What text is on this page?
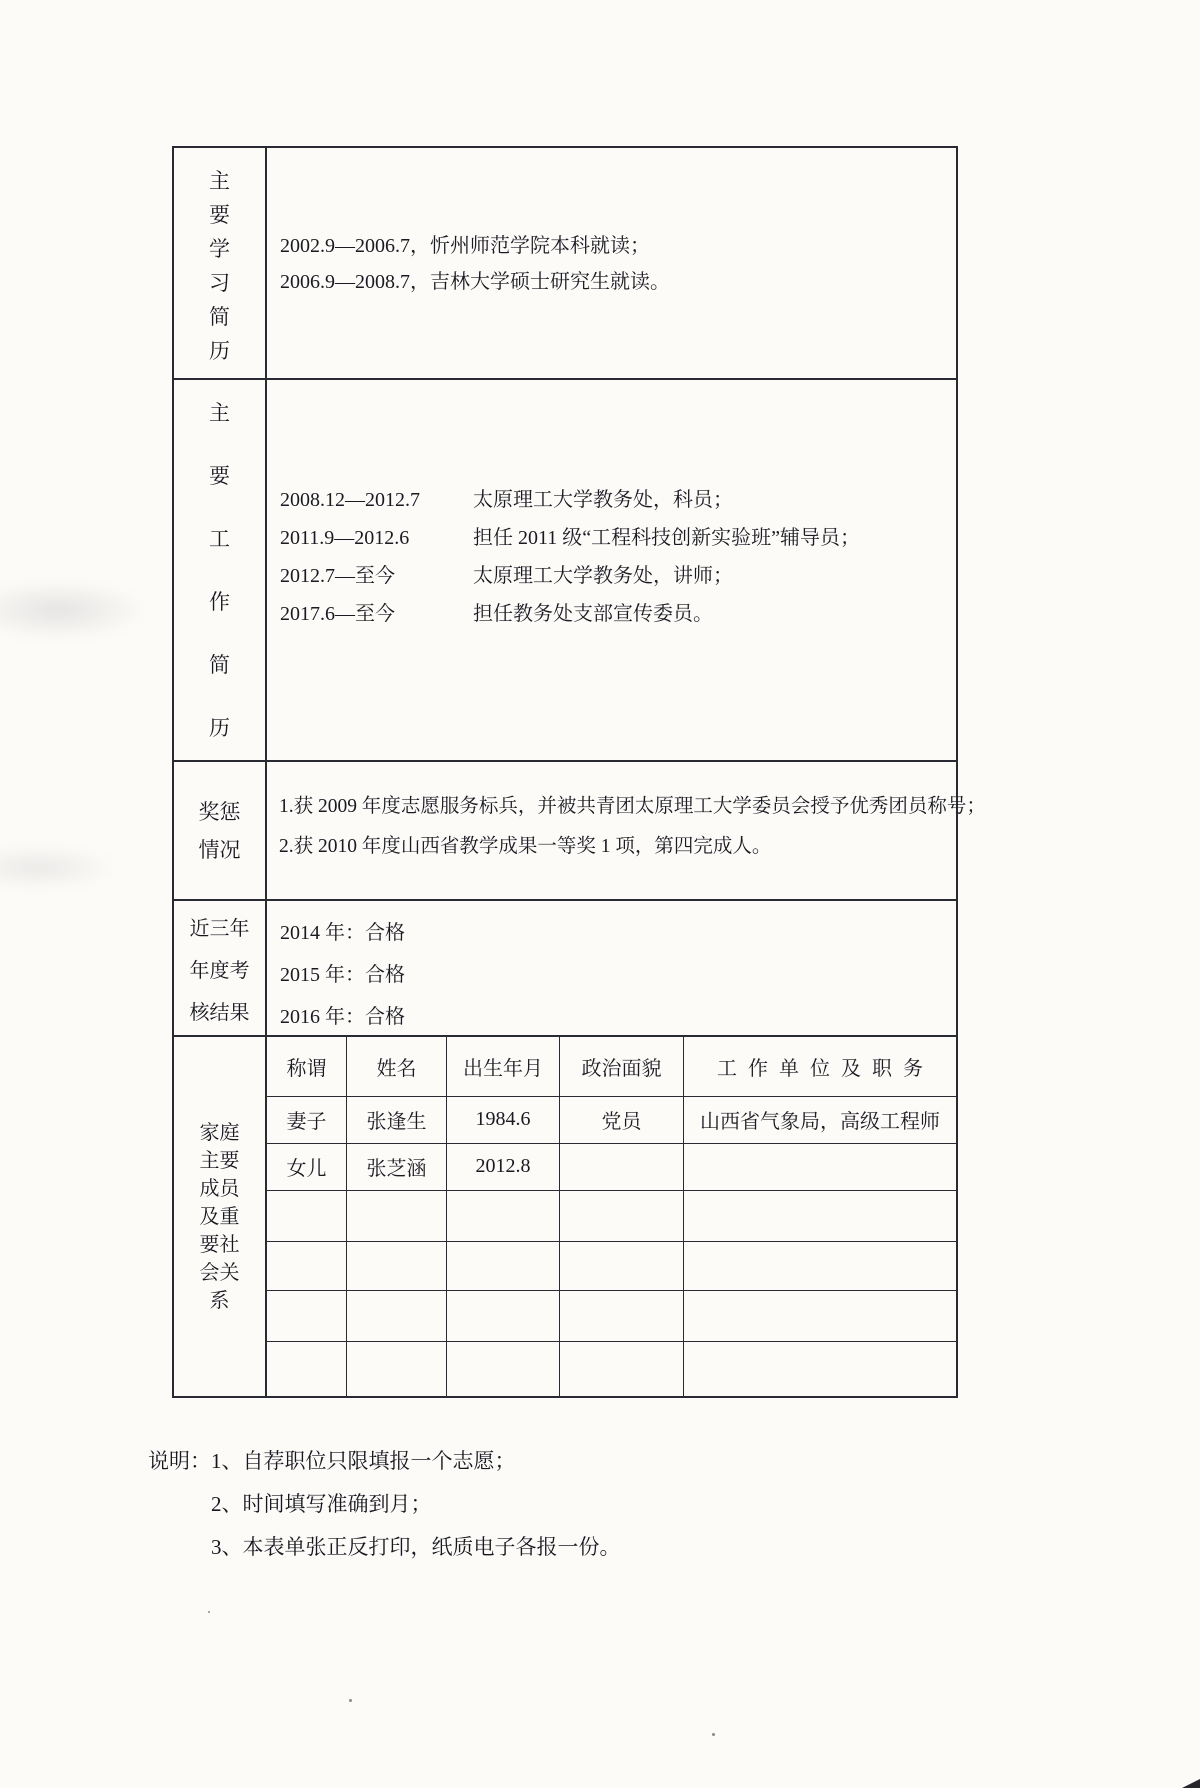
主要学习简历
2002.9—2006.7，忻州师范学院本科就读；
2006.9—2008.7，吉林大学硕士研究生就读。
主要工作简历
2008.12—2012.7	太原理工大学教务处，科员；
2011.9—2012.6	担任 2011 级“工程科技创新实验班”辅导员；
2012.7—至今	太原理工大学教务处，讲师；
2017.6—至今	担任教务处支部宣传委员。
奖惩情况
1.获 2009 年度志愿服务标兵，并被共青团太原理工大学委员会授予优秀团员称号；
2.获 2010 年度山西省教学成果一等奖 1 项，第四完成人。
近三年年度考核结果
2014 年：合格
2015 年：合格
2016 年：合格
家庭主要成员及重要社会关系
称谓	姓名	出生年月	政治面貌	工作单位及职务
妻子	张逢生	1984.6	党员	山西省气象局，高级工程师
女儿	张芝涵	2012.8
说明： 1、自荐职位只限填报一个志愿；
2、时间填写准确到月；
3、本表单张正反打印，纸质电子各报一份。
